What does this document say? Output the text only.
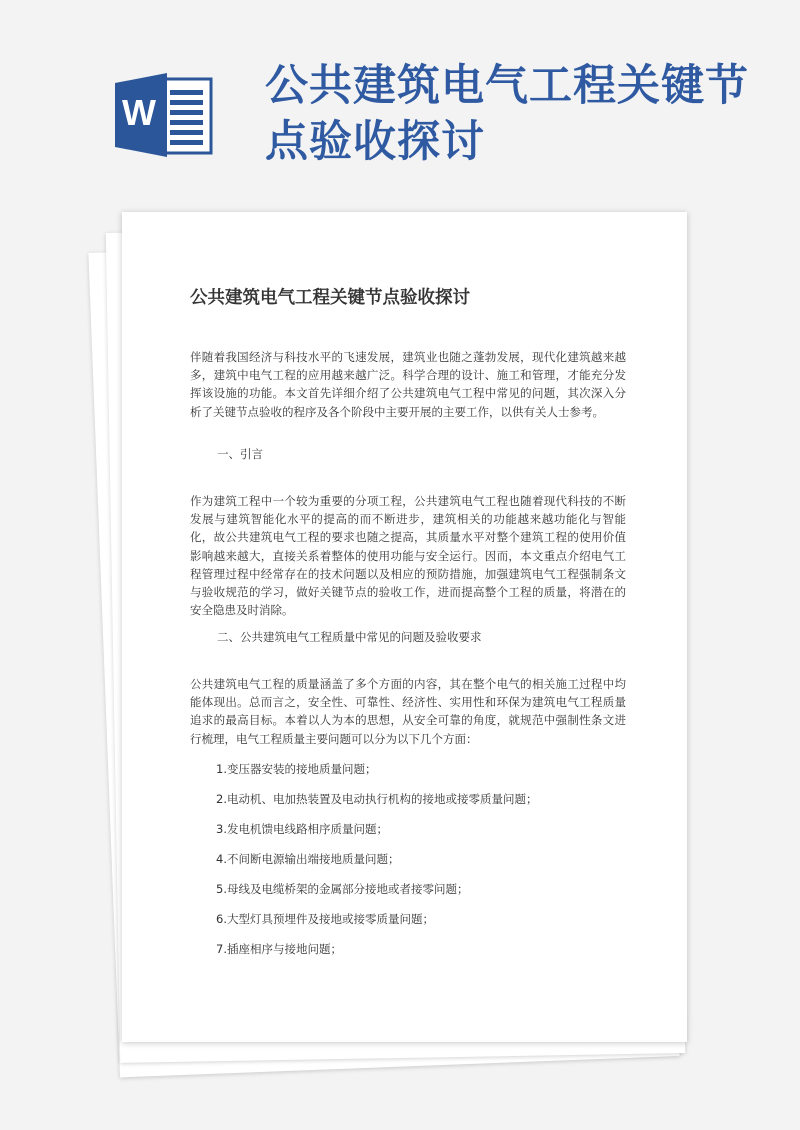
W
公共建筑电气工程关键节点验收探讨
公共建筑电气工程关键节点验收探讨

伴随着我国经济与科技水平的飞速发展，建筑业也随之蓬勃发展，现代化建筑越来越多，建筑中电气工程的应用越来越广泛。科学合理的设计、施工和管理，才能充分发挥该设施的功能。本文首先详细介绍了公共建筑电气工程中常见的问题，其次深入分析了关键节点验收的程序及各个阶段中主要开展的主要工作，以供有关人士参考。

一、引言

作为建筑工程中一个较为重要的分项工程，公共建筑电气工程也随着现代科技的不断发展与建筑智能化水平的提高的而不断进步，建筑相关的功能越来越功能化与智能化，故公共建筑电气工程的要求也随之提高，其质量水平对整个建筑工程的使用价值影响越来越大，直接关系着整体的使用功能与安全运行。因而，本文重点介绍电气工程管理过程中经常存在的技术问题以及相应的预防措施，加强建筑电气工程强制条文与验收规范的学习，做好关键节点的验收工作，进而提高整个工程的质量，将潜在的安全隐患及时消除。

二、公共建筑电气工程质量中常见的问题及验收要求

公共建筑电气工程的质量涵盖了多个方面的内容，其在整个电气的相关施工过程中均能体现出。总而言之，安全性、可靠性、经济性、实用性和环保为建筑电气工程质量追求的最高目标。本着以人为本的思想，从安全可靠的角度，就规范中强制性条文进行梳理，电气工程质量主要问题可以分为以下几个方面：

1.变压器安装的接地质量问题；
2.电动机、电加热装置及电动执行机构的接地或接零质量问题；
3.发电机馈电线路相序质量问题；
4.不间断电源输出端接地质量问题；
5.母线及电缆桥架的金属部分接地或者接零问题；
6.大型灯具预埋件及接地或接零质量问题；
7.插座相序与接地问题；
